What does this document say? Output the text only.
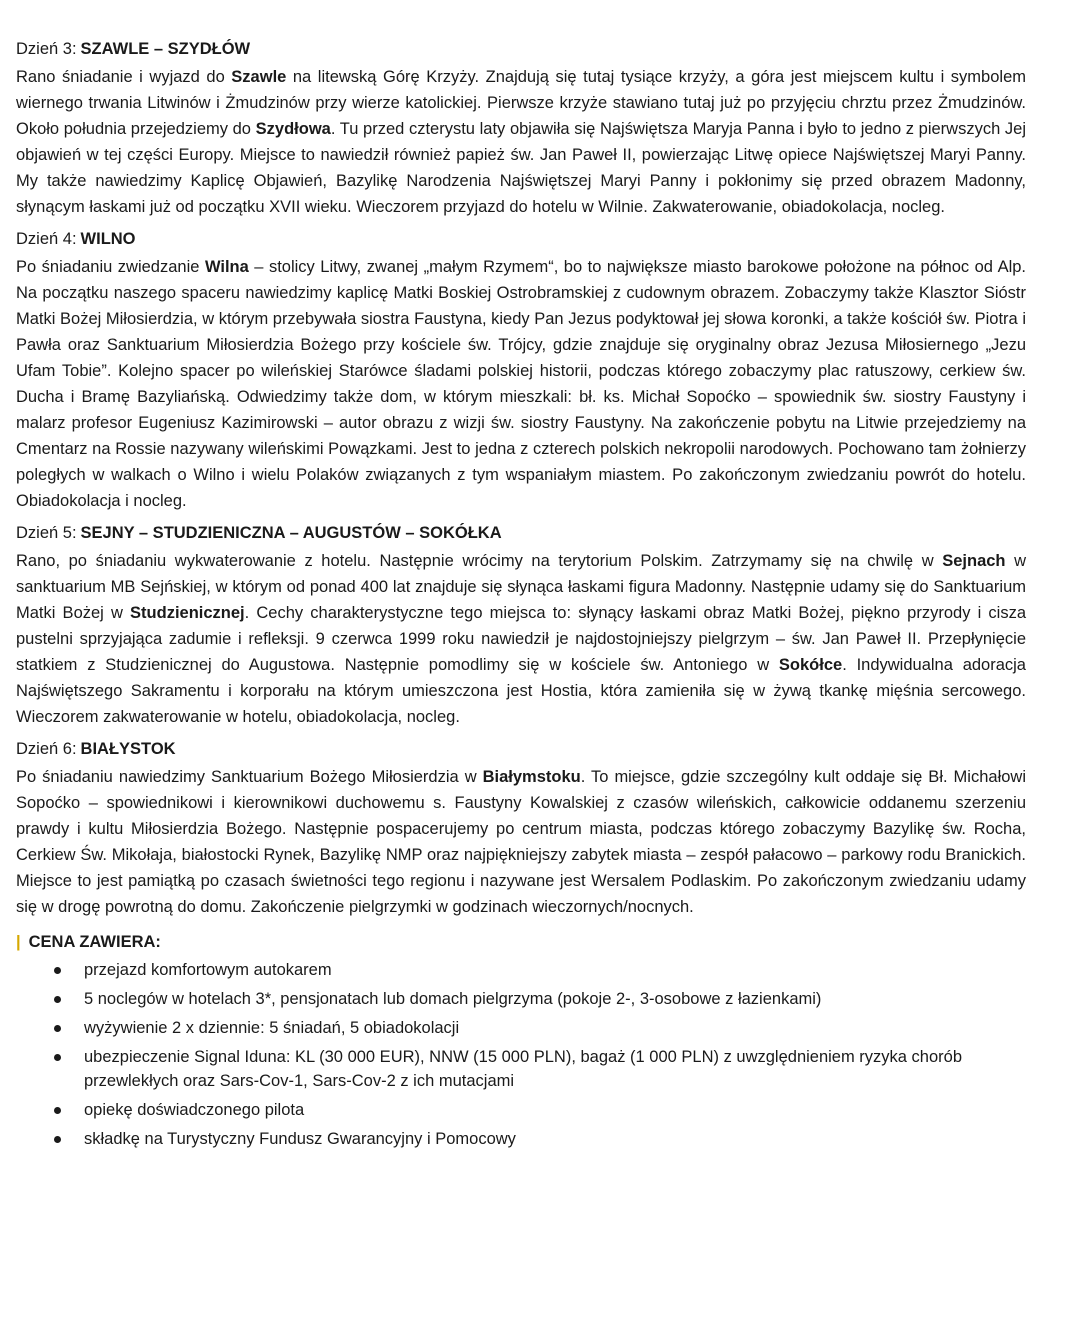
Dzień 3: SZAWLE – SZYDŁÓW

Rano śniadanie i wyjazd do Szawle na litewską Górę Krzyży. Znajdują się tutaj tysiące krzyży, a góra jest miejscem kultu i symbolem wiernego trwania Litwinów i Żmudzinów przy wierze katolickiej. Pierwsze krzyże stawiano tutaj już po przyjęciu chrztu przez Żmudzinów. Około południa przejedziemy do Szydłowa. Tu przed czterystu laty objawiła się Najświętsza Maryja Panna i było to jedno z pierwszych Jej objawień w tej części Europy. Miejsce to nawiedził również papież św. Jan Paweł II, powierzając Litwę opiece Najświętszej Maryi Panny. My także nawiedzimy Kaplicę Objawień, Bazylikę Narodzenia Najświętszej Maryi Panny i pokłonimy się przed obrazem Madonny, słynącym łaskami już od początku XVII wieku. Wieczorem przyjazd do hotelu w Wilnie. Zakwaterowanie, obiadokolacja, nocleg.

Dzień 4: WILNO

Po śniadaniu zwiedzanie Wilna – stolicy Litwy, zwanej „małym Rzymem“, bo to największe miasto barokowe położone na północ od Alp. Na początku naszego spaceru nawiedzimy kaplicę Matki Boskiej Ostrobramskiej z cudownym obrazem. Zobaczymy także Klasztor Sióstr Matki Bożej Miłosierdzia, w którym przebywała siostra Faustyna, kiedy Pan Jezus podyktował jej słowa koronki, a także kościół św. Piotra i Pawła oraz Sanktuarium Miłosierdzia Bożego przy kościele św. Trójcy, gdzie znajduje się oryginalny obraz Jezusa Miłosiernego „Jezu Ufam Tobie”. Kolejno spacer po wileńskiej Starówce śladami polskiej historii, podczas którego zobaczymy plac ratuszowy, cerkiew św. Ducha i Bramę Bazyliańską. Odwiedzimy także dom, w którym mieszkali: bł. ks. Michał Sopoćko – spowiednik św. siostry Faustyny i malarz profesor Eugeniusz Kazimirowski – autor obrazu z wizji św. siostry Faustyny. Na zakończenie pobytu na Litwie przejedziemy na Cmentarz na Rossie nazywany wileńskimi Powązkami. Jest to jedna z czterech polskich nekropolii narodowych. Pochowano tam żołnierzy poległych w walkach o Wilno i wielu Polaków związanych z tym wspaniałym miastem. Po zakończonym zwiedzaniu powrót do hotelu. Obiadokolacja i nocleg.

Dzień 5: SEJNY – STUDZIENICZNA – AUGUSTÓW – SOKÓŁKA

Rano, po śniadaniu wykwaterowanie z hotelu. Następnie wrócimy na terytorium Polskim. Zatrzymamy się na chwilę w Sejnach w sanktuarium MB Sejńskiej, w którym od ponad 400 lat znajduje się słynąca łaskami figura Madonny. Następnie udamy się do Sanktuarium Matki Bożej w Studzienicznej. Cechy charakterystyczne tego miejsca to: słynący łaskami obraz Matki Bożej, piękno przyrody i cisza pustelni sprzyjająca zadumie i refleksji. 9 czerwca 1999 roku nawiedził je najdostojniejszy pielgrzym – św. Jan Paweł II. Przepłynięcie statkiem z Studzienicznej do Augustowa. Następnie pomodlimy się w kościele św. Antoniego w Sokółce. Indywidualna adoracja Najświętszego Sakramentu i korporału na którym umieszczona jest Hostia, która zamieniła się w żywą tkankę mięśnia sercowego. Wieczorem zakwaterowanie w hotelu, obiadokolacja, nocleg.

Dzień 6: BIAŁYSTOK

Po śniadaniu nawiedzimy Sanktuarium Bożego Miłosierdzia w Białymstoku. To miejsce, gdzie szczególny kult oddaje się Bł. Michałowi Sopoćko – spowiednikowi i kierownikowi duchowemu s. Faustyny Kowalskiej z czasów wileńskich, całkowicie oddanemu szerzeniu prawdy i kultu Miłosierdzia Bożego. Następnie pospacerujemy po centrum miasta, podczas którego zobaczymy Bazylikę św. Rocha, Cerkiew Św. Mikołaja, białostocki Rynek, Bazylikę NMP oraz najpiękniejszy zabytek miasta – zespół pałacowo – parkowy rodu Branickich. Miejsce to jest pamiątką po czasach świetności tego regionu i nazywane jest Wersalem Podlaskim. Po zakończonym zwiedzaniu udamy się w drogę powrotną do domu. Zakończenie pielgrzymki w godzinach wieczornych/nocnych.

| CENA ZAWIERA:
przejazd komfortowym autokarem
5 noclegów w hotelach 3*, pensjonatach lub domach pielgrzyma (pokoje 2-, 3-osobowe z łazienkami)
wyżywienie 2 x dziennie: 5 śniadań, 5 obiadokolacji
ubezpieczenie Signal Iduna: KL (30 000 EUR), NNW (15 000 PLN), bagaż (1 000 PLN) z uwzględnieniem ryzyka chorób przewlekłych oraz Sars-Cov-1, Sars-Cov-2 z ich mutacjami
opiekę doświadczonego pilota
składkę na Turystyczny Fundusz Gwarancyjny i Pomocowy
